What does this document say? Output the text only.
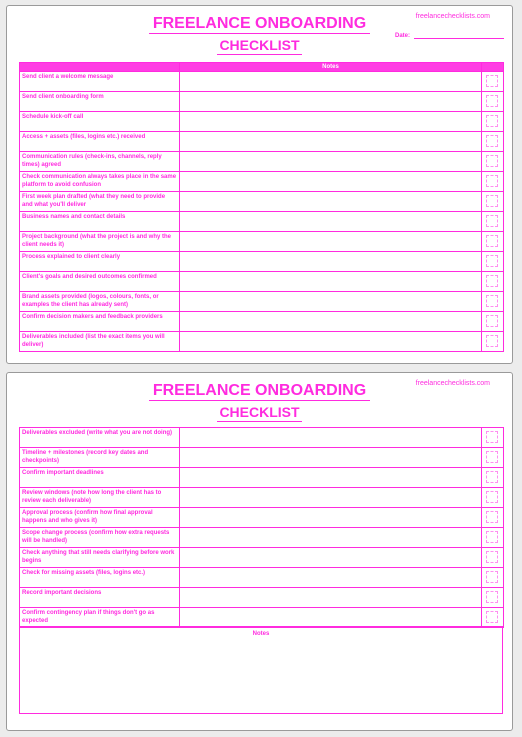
FREELANCE ONBOARDING
CHECKLIST
freelancechecklists.com
Date:
	Notes	
Send client a welcome message		

Send client onboarding form		

Schedule kick-off call		

Access + assets (files, logins etc.) received		

Communication rules (check-ins, channels, reply times) agreed		

Check communication always takes place in the same platform to avoid confusion		

First week plan drafted (what they need to provide and what you'll deliver		

Business names and contact details		

Project background (what the project is and why the client needs it)		

Process explained to client clearly		

Client's goals and desired outcomes confirmed		

Brand assets provided (logos, colours, fonts, or examples the client has already sent)		

Confirm decision makers and feedback providers		

Deliverables included (list the exact items you will deliver)		
FREELANCE ONBOARDING
CHECKLIST
freelancechecklists.com
Deliverables excluded (write what you are not doing)		

Timeline + milestones (record key dates and checkpoints)		

Confirm important deadlines		

Review windows (note how long the client has to review each deliverable)		

Approval process (confirm how final approval happens and who gives it)		

Scope change process (confirm how extra requests will be handled)		

Check anything that still needs clarifying before work begins		

Check for missing assets (files, logins etc.)		

Record important decisions		

Confirm contingency plan if things don't go as expected		
Notes
